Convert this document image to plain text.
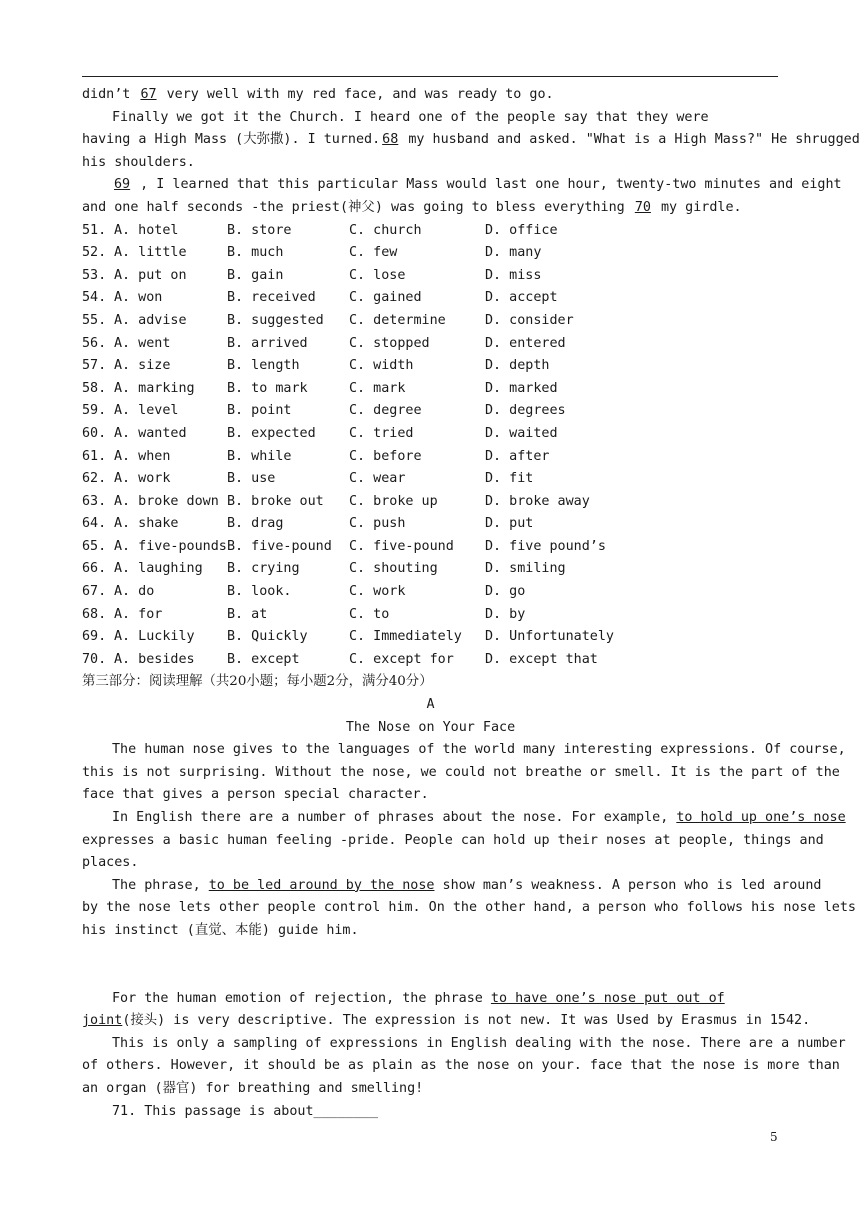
didn’t 67 very well with my red face, and was ready to go.
Finally we got it the Church. I heard one of the people say that they were
having a High Mass (大弥撒). I turned. 68 my husband and asked. "What is a High Mass?" He shrugged
his shoulders.
69 , I learned that this particular Mass would last one hour, twenty-two minutes and eight
and one half seconds -the priest(神父) was going to bless everything 70 my girdle.
51. A. hotel	B. store	C. church	D. office
52. A. little	B. much	C. few	D. many
53. A. put on	B. gain	C. lose	D. miss
54. A. won	B. received	C. gained	D. accept
55. A. advise	B. suggested	C. determine	D. consider
56. A. went	B. arrived	C. stopped	D. entered
57. A. size	B. length	C. width	D. depth
58. A. marking	B. to mark	C. mark	D. marked
59. A. level	B. point	C. degree	D. degrees
60. A. wanted	B. expected	C. tried	D. waited
61. A. when	B. while	C. before	D. after
62. A. work	B. use	C. wear	D. fit
63. A. broke down B. broke out	C. broke up	D. broke away
64. A. shake	B. drag	C. push	D. put
65. A. five-pounds B. five-pound	C. five-pound	D. five pound’s
66. A. laughing	B. crying	C. shouting	D. smiling
67. A. do	B. look.	C. work	D. go
68. A. for	B. at	C. to	D. by
69. A. Luckily	B. Quickly	C. Immediately	D. Unfortunately
70. A. besides	B. except	C. except for	D. except that
第三部分：阅读理解（共20小题；每小题2分，满分40分）
A
The Nose on Your Face
The human nose gives to the languages of the world many interesting expressions. Of course,
this is not surprising. Without the nose, we could not breathe or smell. It is the part of the
face that gives a person special character.
In English there are a number of phrases about the nose. For example, to hold up one’s nose
expresses a basic human feeling -pride. People can hold up their noses at people, things and
places.
The phrase, to be led around by the nose show man’s weakness. A person who is led around
by the nose lets other people control him. On the other hand, a person who follows his nose lets
his instinct (直觉、本能) guide him.
For the human emotion of rejection, the phrase to have one’s nose put out of
joint(接头) is very descriptive. The expression is not new. It was Used by Erasmus in 1542.
This is only a sampling of expressions in English dealing with the nose. There are a number
of others. However, it should be as plain as the nose on your. face that the nose is more than
an organ (器官) for breathing and smelling!
71. This passage is about________
5
